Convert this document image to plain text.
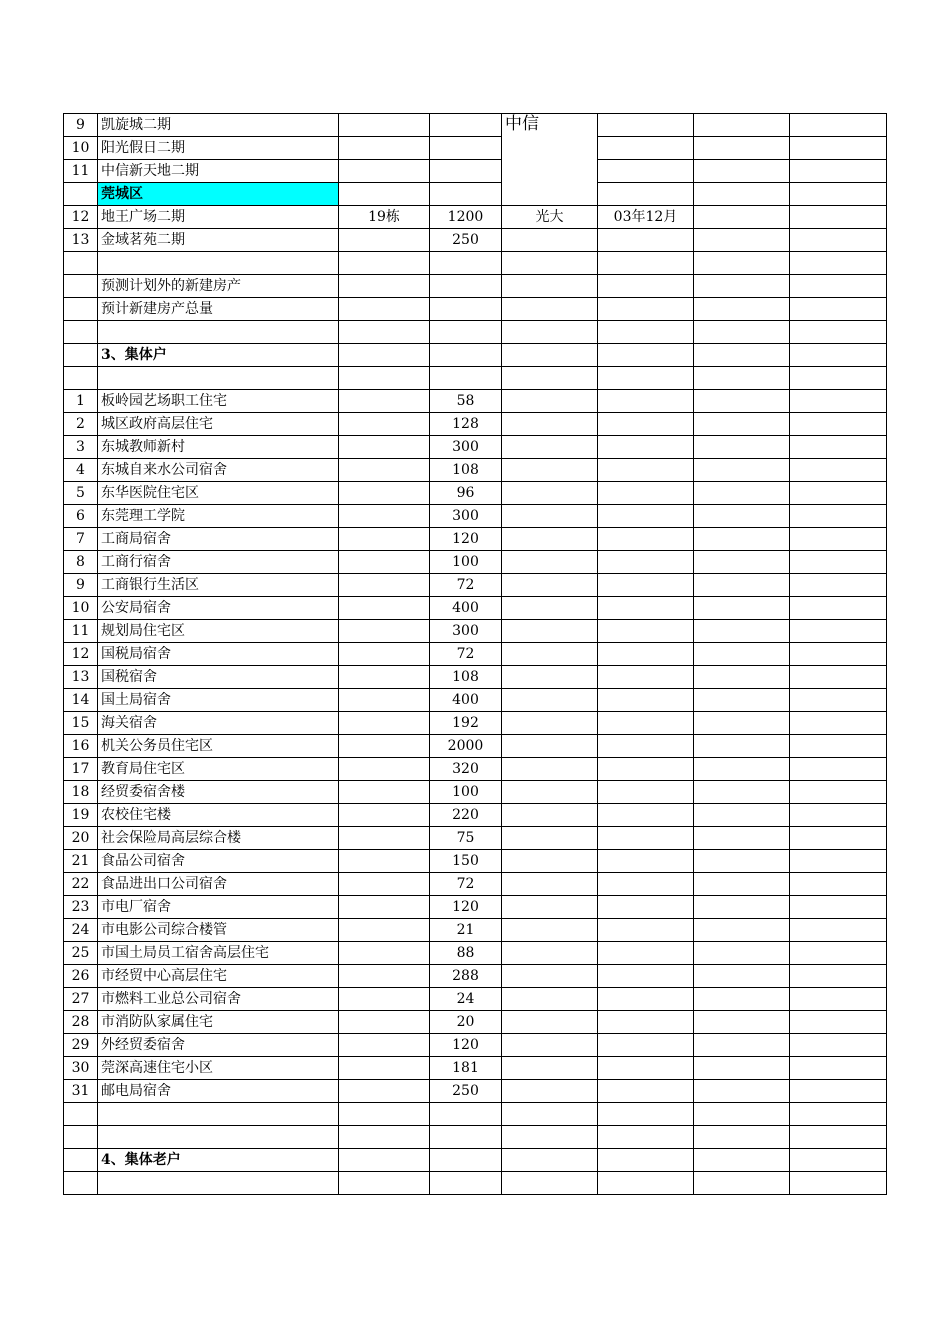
9	凯旋城二期			中信			
10	阳光假日二期						
11	中信新天地二期						
	莞城区						
12	地王广场二期	19栋	1200	光大	03年12月		
13	金域茗苑二期		250				

	预测计划外的新建房产						
	预计新建房产总量						

	3、集体户						

1	板岭园艺场职工住宅		58				
2	城区政府高层住宅		128				
3	东城教师新村		300				
4	东城自来水公司宿舍		108				
5	东华医院住宅区		96				
6	东莞理工学院		300				
7	工商局宿舍		120				
8	工商行宿舍		100				
9	工商银行生活区		72				
10	公安局宿舍		400				
11	规划局住宅区		300				
12	国税局宿舍		72				
13	国税宿舍		108				
14	国土局宿舍		400				
15	海关宿舍		192				
16	机关公务员住宅区		2000				
17	教育局住宅区		320				
18	经贸委宿舍楼		100				
19	农校住宅楼		220				
20	社会保险局高层综合楼		75				
21	食品公司宿舍		150				
22	食品进出口公司宿舍		72				
23	市电厂宿舍		120				
24	市电影公司综合楼管		21				
25	市国土局员工宿舍高层住宅		88				
26	市经贸中心高层住宅		288				
27	市燃料工业总公司宿舍		24				
28	市消防队家属住宅		20				
29	外经贸委宿舍		120				
30	莞深高速住宅小区		181				
31	邮电局宿舍		250				

	4、集体老户						
